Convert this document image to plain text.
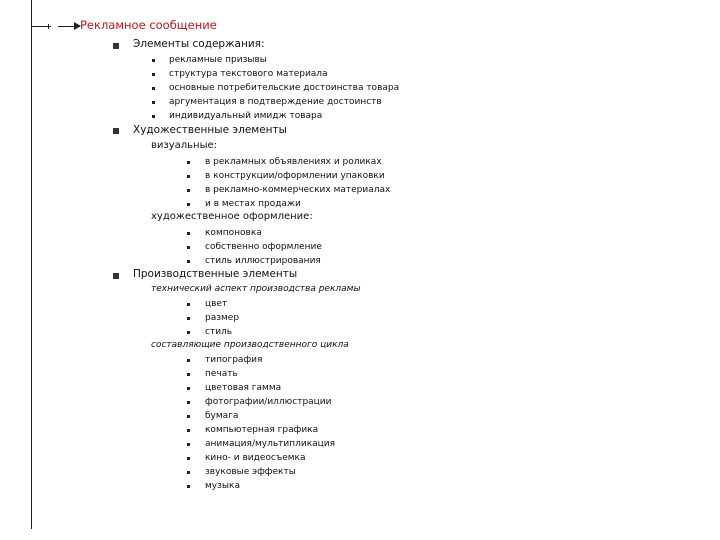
Рекламное сообщение
Элементы содержания:
рекламные призывы
структура текстового материала
основные потребительские достоинства товара
аргументация в подтверждение достоинств
индивидуальный имидж товара
Художественные элементы
визуальные:
в рекламных объявлениях и роликах
в конструкции/оформлении упаковки
в рекламно-коммерческих материалах
и в местах продажи
художественное оформление:
компоновка
собственно оформление
стиль иллюстрирования
Производственные элементы
технический аспект производства рекламы
цвет
размер
стиль
составляющие производственного цикла
типография
печать
цветовая гамма
фотографии/иллюстрации
бумага
компьютерная графика
анимация/мультипликация
кино- и видеосъемка
звуковые эффекты
музыка
